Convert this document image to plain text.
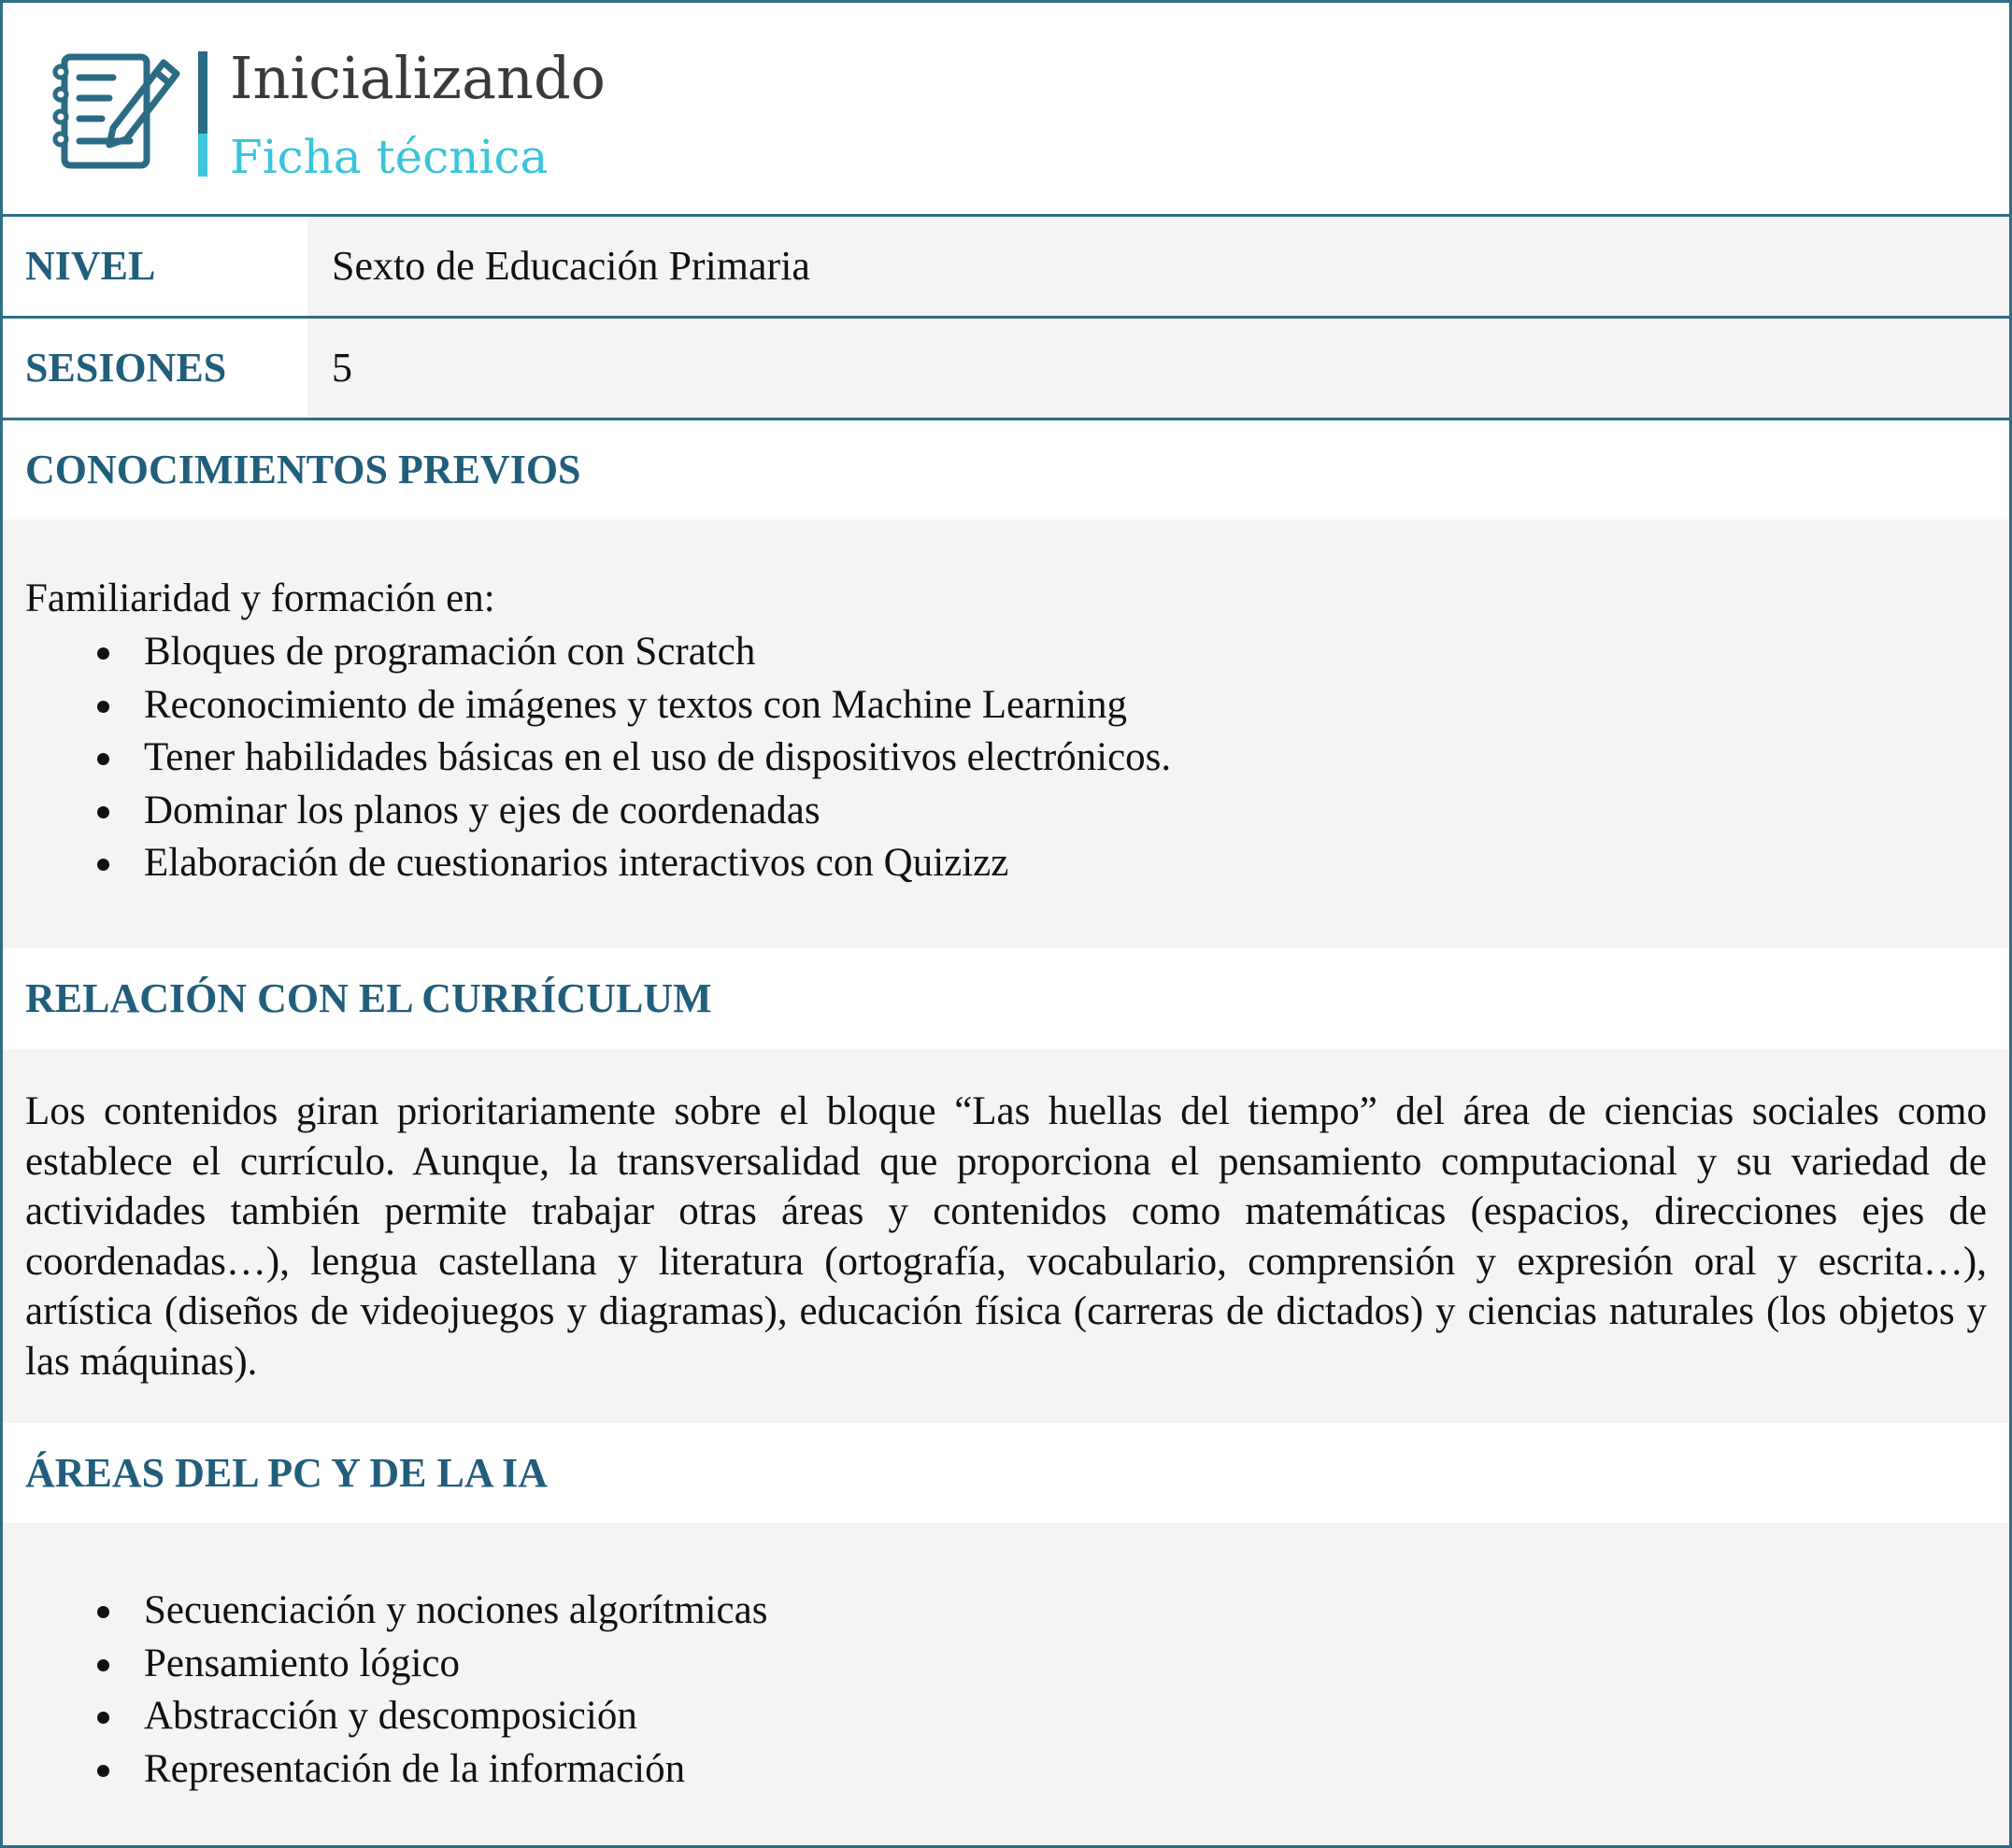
Inicializando
Ficha técnica
NIVEL	Sexto de Educación Primaria
SESIONES	5
CONOCIMIENTOS PREVIOS
Familiaridad y formación en:
Bloques de programación con Scratch
Reconocimiento de imágenes y textos con Machine Learning
Tener habilidades básicas en el uso de dispositivos electrónicos.
Dominar los planos y ejes de coordenadas
Elaboración de cuestionarios interactivos con Quizizz
RELACIÓN CON EL CURRÍCULUM
Los contenidos giran prioritariamente sobre el bloque “Las huellas del tiempo” del área de ciencias sociales como establece el currículo. Aunque, la transversalidad que proporciona el pensamiento computacional y su variedad de actividades también permite trabajar otras áreas y contenidos como matemáticas (espacios, direcciones ejes de coordenadas…), lengua castellana y literatura (ortografía, vocabulario, comprensión y expresión oral y escrita…), artística (diseños de videojuegos y diagramas), educación física (carreras de dictados) y ciencias naturales (los objetos y las máquinas).
ÁREAS DEL PC Y DE LA IA
Secuenciación y nociones algorítmicas
Pensamiento lógico
Abstracción y descomposición
Representación de la información
